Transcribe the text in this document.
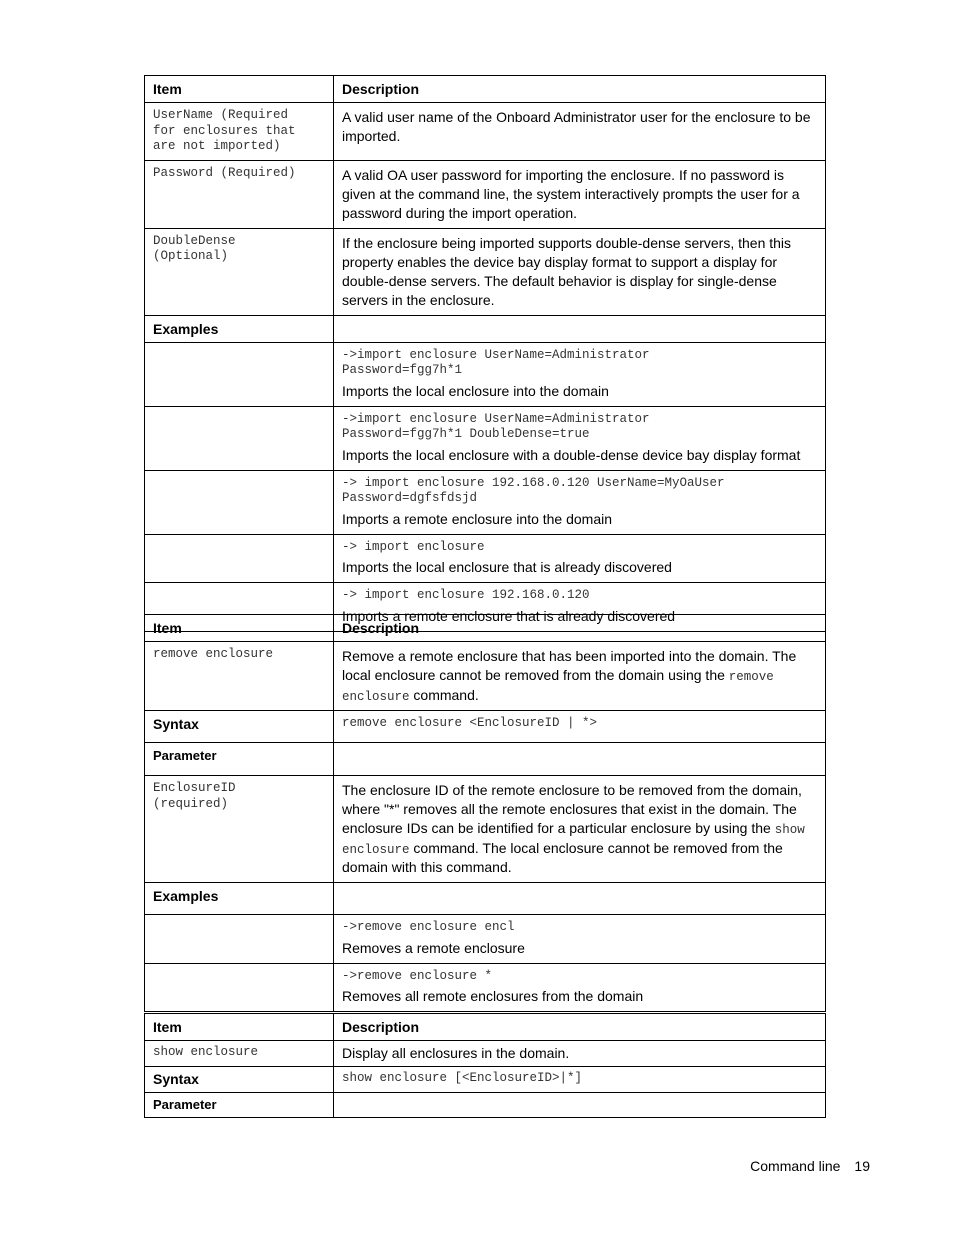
Item	Description
UserName (Required
for enclosures that
are not imported)	A valid user name of the Onboard Administrator user for the enclosure to be imported.
Password (Required)	A valid OA user password for importing the enclosure. If no password is given at the command line, the system interactively prompts the user for a password during the import operation.
DoubleDense
(Optional)	If the enclosure being imported supports double-dense servers, then this property enables the device bay display format to support a display for double-dense servers. The default behavior is display for single-dense servers in the enclosure.
Examples	

	->import enclosure UserName=Administrator
Password=fgg7h*1
Imports the local enclosure into the domain

	->import enclosure UserName=Administrator
Password=fgg7h*1 DoubleDense=true
Imports the local enclosure with a double-dense device bay display format

	-> import enclosure 192.168.0.120 UserName=MyOaUser
Password=dgfsfdsjd
Imports a remote enclosure into the domain

	-> import enclosure
Imports the local enclosure that is already discovered

	-> import enclosure 192.168.0.120
Imports a remote enclosure that is already discovered
Item	Description
remove enclosure	Remove a remote enclosure that has been imported into the domain. The local enclosure cannot be removed from the domain using the remove enclosure command.
Syntax	remove enclosure <EnclosureID | *>
Parameter	
EnclosureID
(required)	The enclosure ID of the remote enclosure to be removed from the domain, where "*" removes all the remote enclosures that exist in the domain. The enclosure IDs can be identified for a particular enclosure by using the show enclosure command. The local enclosure cannot be removed from the domain with this command.
Examples	

	->remove enclosure encl
Removes a remote enclosure

	->remove enclosure *
Removes all remote enclosures from the domain
Item	Description
show enclosure	Display all enclosures in the domain.
Syntax	show enclosure [<EnclosureID>|*]
Parameter	
Command line 19
